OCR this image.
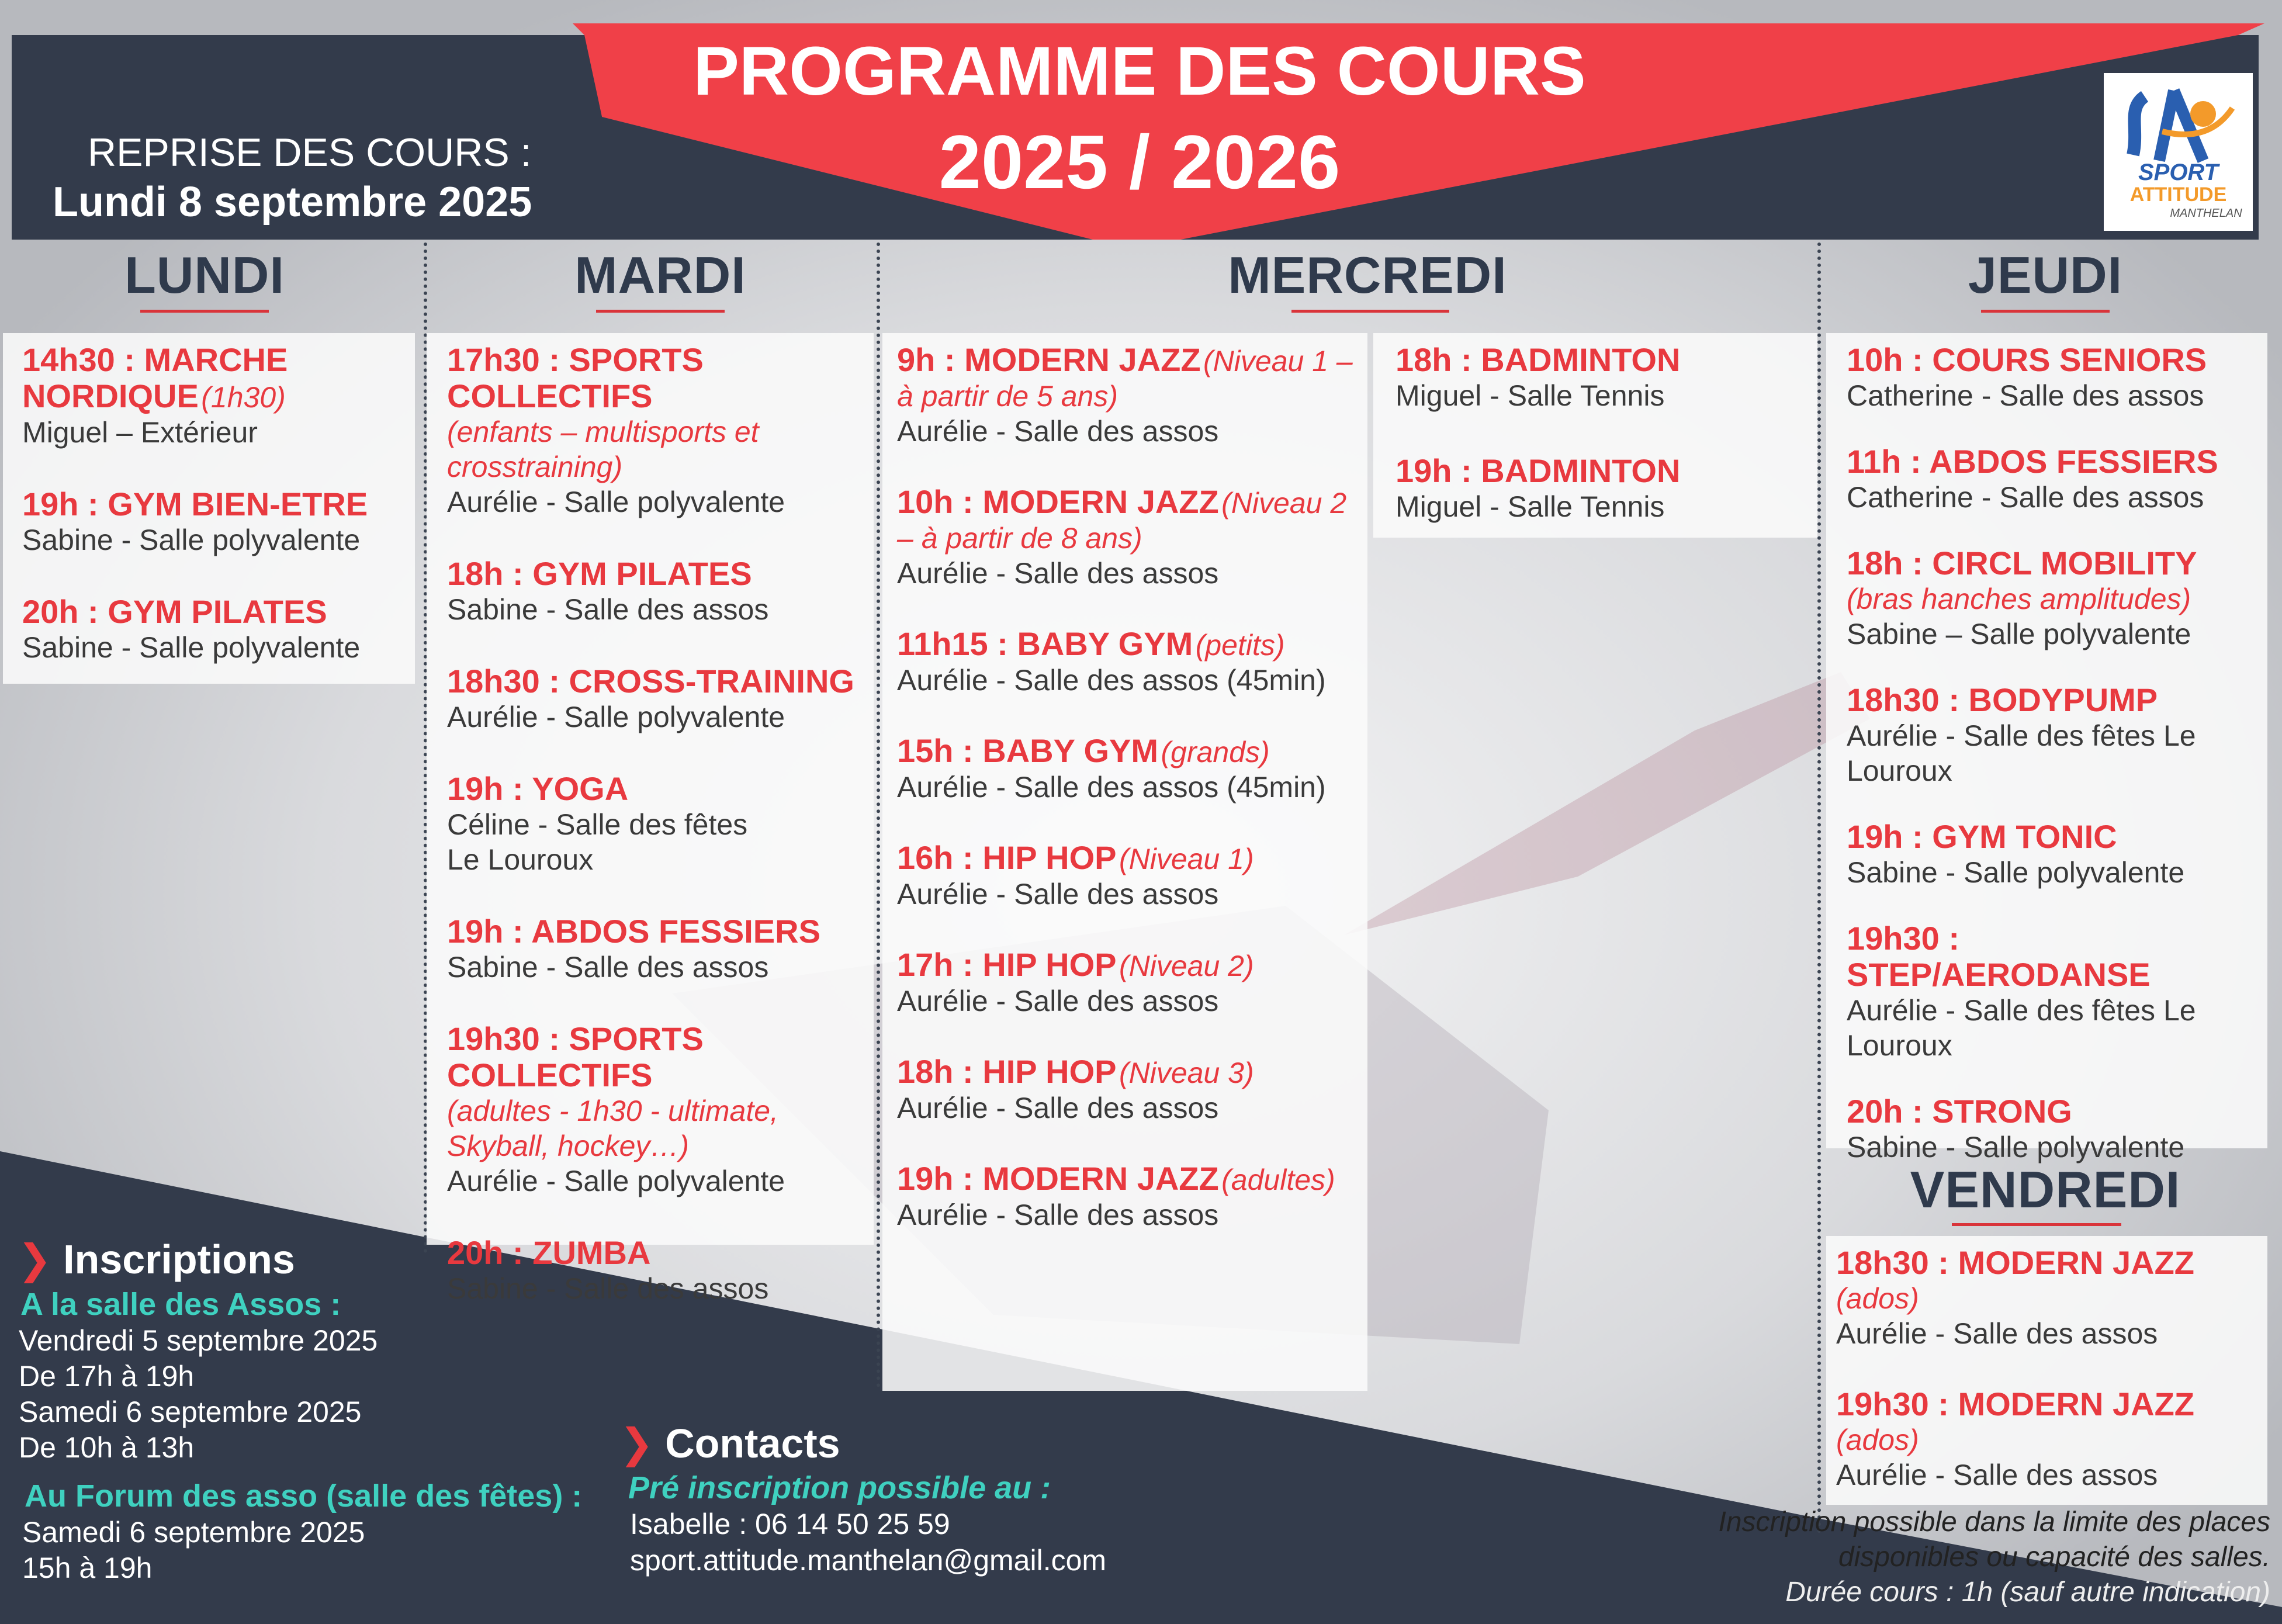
PROGRAMME DES COURS
2025 / 2026
REPRISE DES COURS :
Lundi 8 septembre 2025
SPORT
ATTITUDE
MANTHELAN
LUNDI	MARDI	MERCREDI	JEUDI
VENDREDI
14h30 : MARCHE NORDIQUE (1h30)
Miguel – Extérieur
19h : GYM BIEN-ETRE
Sabine - Salle polyvalente
20h : GYM PILATES
Sabine - Salle polyvalente
17h30 : SPORTS COLLECTIFS
(enfants – multisports et crosstraining)
Aurélie - Salle polyvalente
18h : GYM PILATES
Sabine - Salle des assos
18h30 : CROSS-TRAINING
Aurélie - Salle polyvalente
19h : YOGA
Céline - Salle des fêtes Le Louroux
19h : ABDOS FESSIERS
Sabine - Salle des assos
19h30 : SPORTS COLLECTIFS
(adultes - 1h30 - ultimate, Skyball, hockey…)
Aurélie - Salle polyvalente
20h : ZUMBA
Sabine - Salle des assos
9h : MODERN JAZZ (Niveau 1 – à partir de 5 ans)
Aurélie - Salle des assos
10h : MODERN JAZZ (Niveau 2 – à partir de 8 ans)
Aurélie - Salle des assos
11h15 : BABY GYM (petits)
Aurélie - Salle des assos (45min)
15h : BABY GYM (grands)
Aurélie - Salle des assos (45min)
16h : HIP HOP (Niveau 1)
Aurélie - Salle des assos
17h : HIP HOP (Niveau 2)
Aurélie - Salle des assos
18h : HIP HOP (Niveau 3)
Aurélie - Salle des assos
19h : MODERN JAZZ (adultes)
Aurélie - Salle des assos
18h : BADMINTON
Miguel - Salle Tennis
19h : BADMINTON
Miguel - Salle Tennis
10h : COURS SENIORS
Catherine - Salle des assos
11h : ABDOS FESSIERS
Catherine - Salle des assos
18h : CIRCL MOBILITY
(bras hanches amplitudes)
Sabine – Salle polyvalente
18h30 : BODYPUMP
Aurélie - Salle des fêtes Le Louroux
19h : GYM TONIC
Sabine - Salle polyvalente
19h30 : STEP/AERODANSE
Aurélie - Salle des fêtes Le Louroux
20h : STRONG
Sabine - Salle polyvalente
18h30 : MODERN JAZZ
(ados)
Aurélie - Salle des assos
19h30 : MODERN JAZZ
(ados)
Aurélie - Salle des assos
❯ Inscriptions
A la salle des Assos :
Vendredi 5 septembre 2025
De 17h à 19h
Samedi 6 septembre 2025
De 10h à 13h
Au Forum des asso (salle des fêtes) :
Samedi 6 septembre 2025
15h à 19h
❯ Contacts
Pré inscription possible au :
Isabelle : 06 14 50 25 59
sport.attitude.manthelan@gmail.com
Inscription possible dans la limite des places
disponibles ou capacité des salles.
Durée cours : 1h (sauf autre indication)
